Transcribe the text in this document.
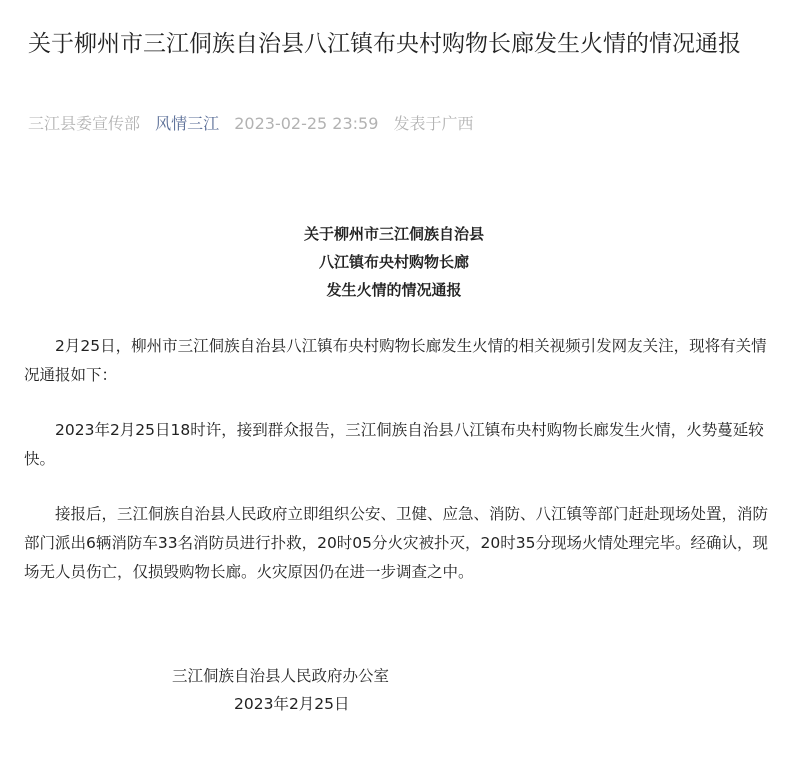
关于柳州市三江侗族自治县八江镇布央村购物长廊发生火情的情况通报
三江县委宣传部 风情三江 2023-02-25 23:59 发表于广西
关于柳州市三江侗族自治县
八江镇布央村购物长廊
发生火情的情况通报

2月25日，柳州市三江侗族自治县八江镇布央村购物长廊发生火情的相关视频引发网友关注，现将有关情况通报如下：

2023年2月25日18时许，接到群众报告，三江侗族自治县八江镇布央村购物长廊发生火情，火势蔓延较快。

接报后，三江侗族自治县人民政府立即组织公安、卫健、应急、消防、八江镇等部门赶赴现场处置，消防部门派出6辆消防车33名消防员进行扑救，20时05分火灾被扑灭，20时35分现场火情处理完毕。经确认，现场无人员伤亡，仅损毁购物长廊。火灾原因仍在进一步调查之中。

三江侗族自治县人民政府办公室
2023年2月25日
